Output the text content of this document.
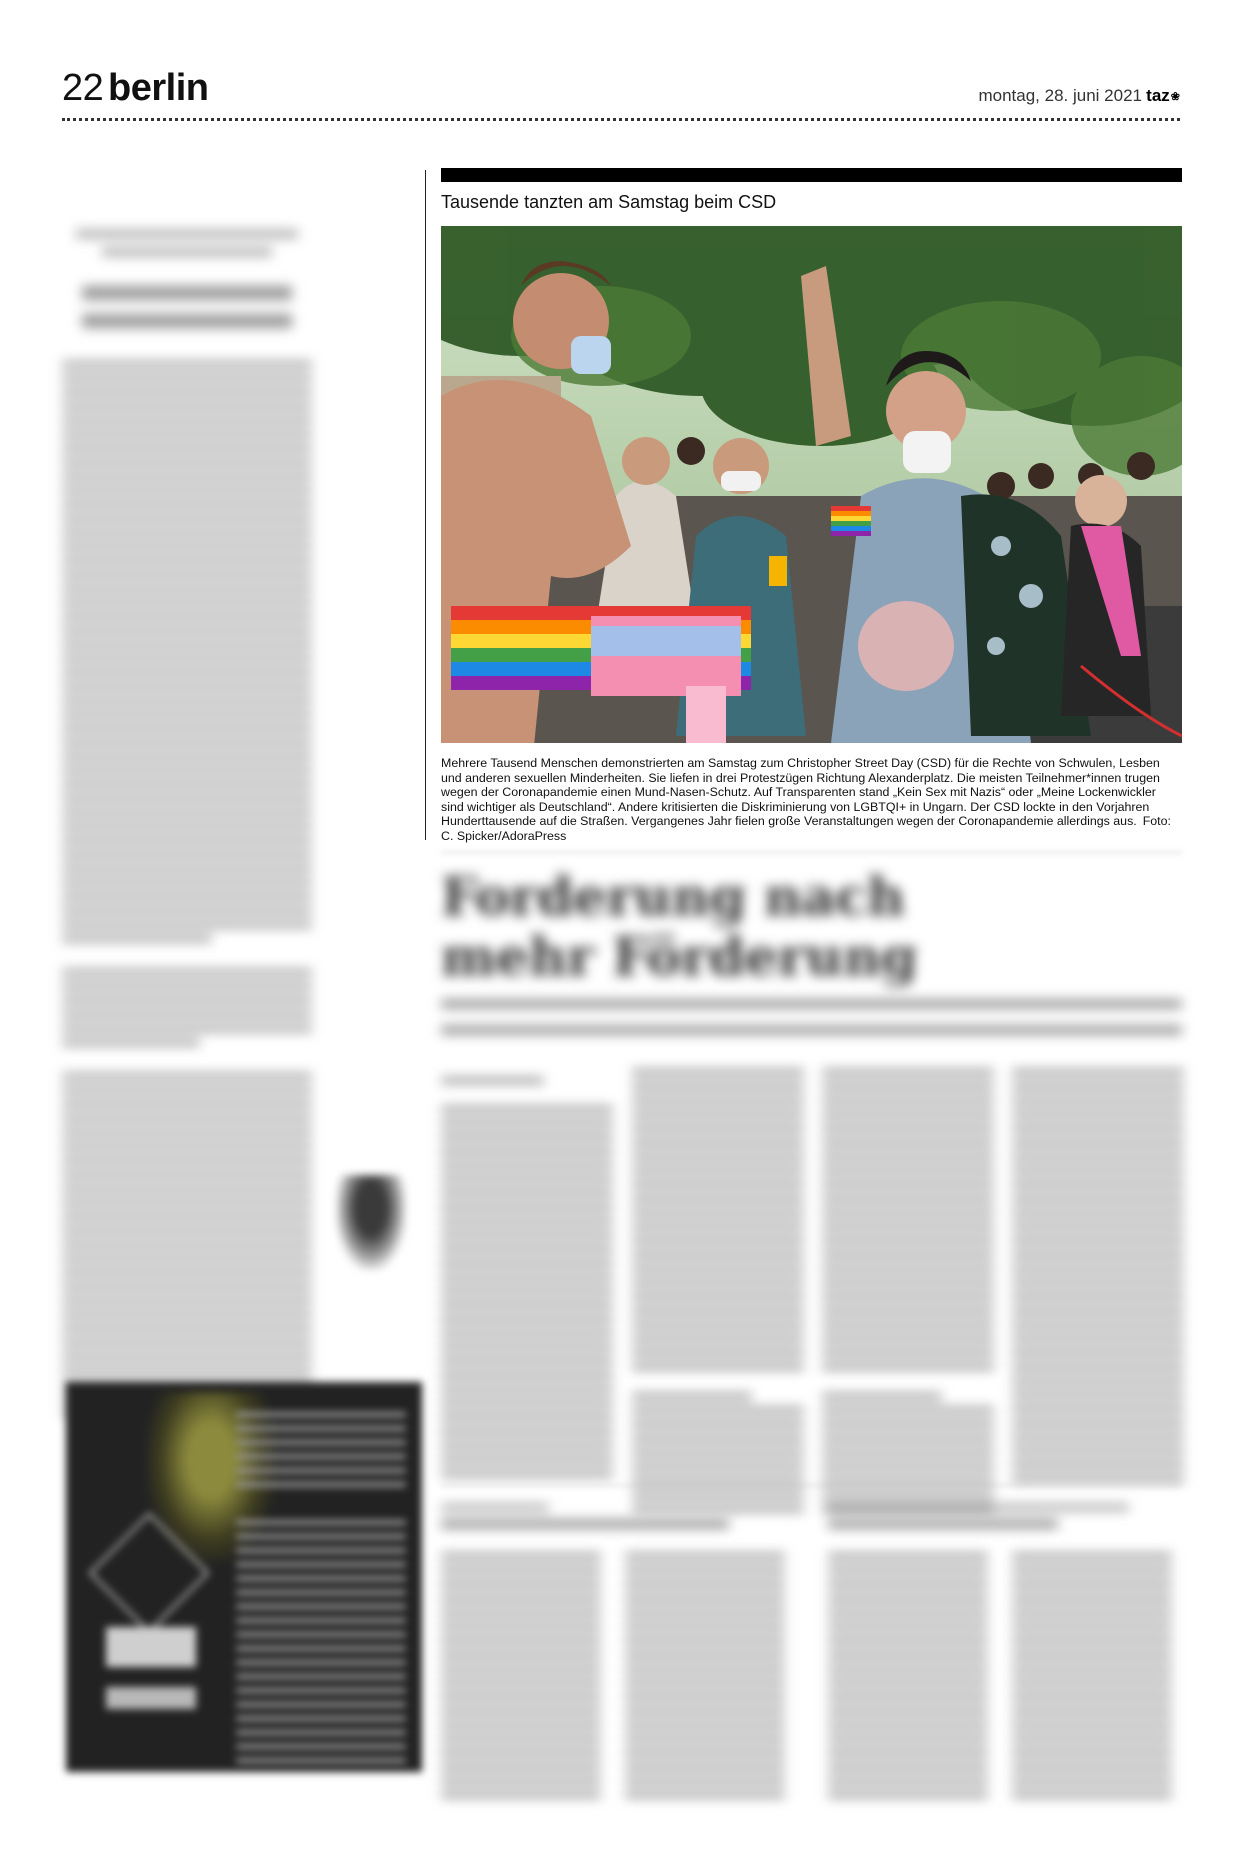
22 berlin	montag, 28. juni 2021 taz❀
Tausende tanzten am Samstag beim CSD
Mehrere Tausend Menschen demonstrierten am Samstag zum Christopher Street Day (CSD) für die Rechte von Schwulen, Lesben und anderen sexuellen Minderheiten. Sie liefen in drei Protestzügen Richtung Alexanderplatz. Die meisten Teilnehmer*innen trugen wegen der Coronapandemie einen Mund-Nasen-Schutz. Auf Transparenten stand „Kein Sex mit Nazis“ oder „Meine Lockenwickler sind wichtiger als Deutschland“. Andere kritisierten die Diskriminierung von LGBTQI+ in Ungarn. Der CSD lockte in den Vorjahren Hunderttausende auf die Straßen. Vergangenes Jahr fielen große Veranstaltungen wegen der Coronapandemie allerdings aus. Foto: C. Spicker/AdoraPress
Forderung nach
mehr Förderung
